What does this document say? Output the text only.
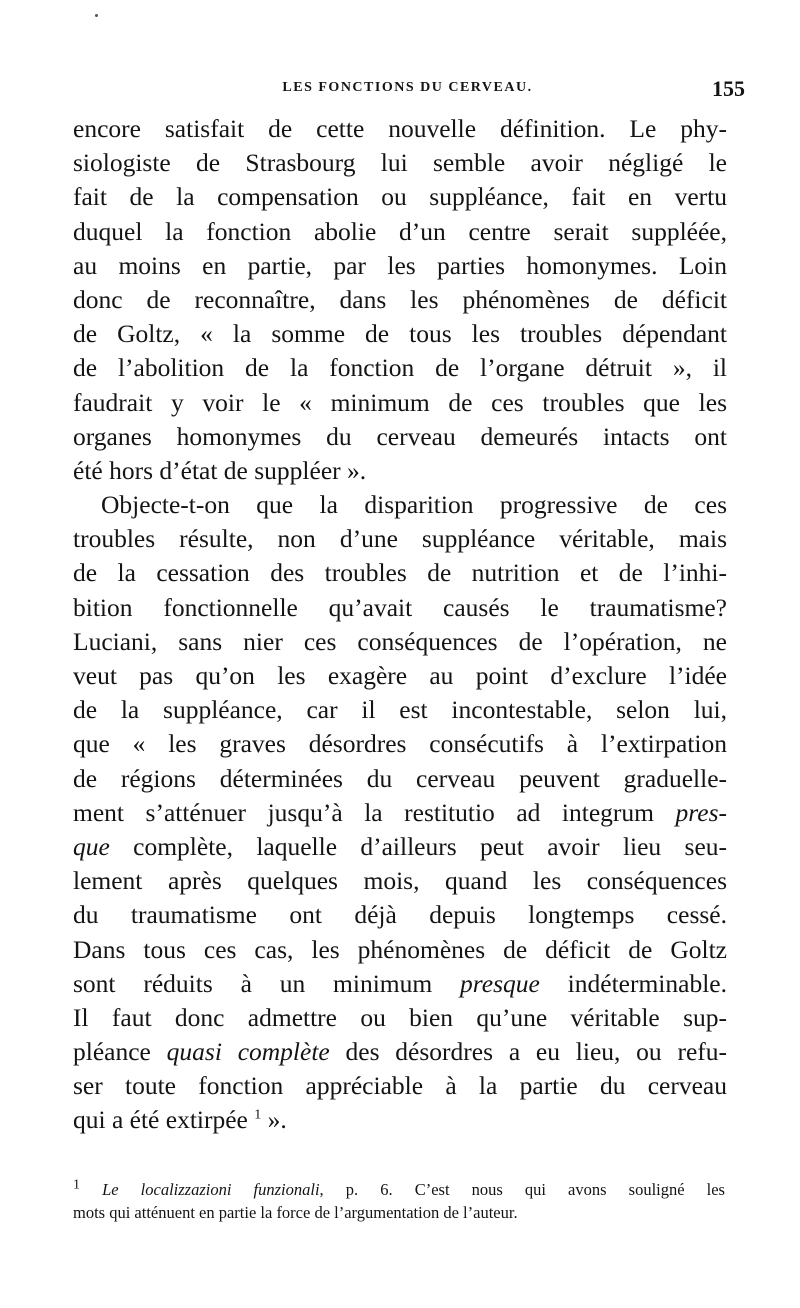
LES FONCTIONS DU CERVEAU.	155
encore satisfait de cette nouvelle définition. Le phy-
siologiste de Strasbourg lui semble avoir négligé le
fait de la compensation ou suppléance, fait en vertu
duquel la fonction abolie d’un centre serait suppléée,
au moins en partie, par les parties homonymes. Loin
donc de reconnaître, dans les phénomènes de déficit
de Goltz, « la somme de tous les troubles dépendant
de l’abolition de la fonction de l’organe détruit », il
faudrait y voir le « minimum de ces troubles que les
organes homonymes du cerveau demeurés intacts ont
été hors d’état de suppléer ».
Objecte-t-on que la disparition progressive de ces
troubles résulte, non d’une suppléance véritable, mais
de la cessation des troubles de nutrition et de l’inhi-
bition fonctionnelle qu’avait causés le traumatisme?
Luciani, sans nier ces conséquences de l’opération, ne
veut pas qu’on les exagère au point d’exclure l’idée
de la suppléance, car il est incontestable, selon lui,
que « les graves désordres consécutifs à l’extirpation
de régions déterminées du cerveau peuvent graduelle-
ment s’atténuer jusqu’à la restitutio ad integrum pres-
que complète, laquelle d’ailleurs peut avoir lieu seu-
lement après quelques mois, quand les conséquences
du traumatisme ont déjà depuis longtemps cessé.
Dans tous ces cas, les phénomènes de déficit de Goltz
sont réduits à un minimum presque indéterminable.
Il faut donc admettre ou bien qu’une véritable sup-
pléance quasi complète des désordres a eu lieu, ou refu-
ser toute fonction appréciable à la partie du cerveau
qui a été extirpée $^1$ ».
$^1$ Le localizzazioni funzionali, p. 6. C’est nous qui avons souligné les
mots qui atténuent en partie la force de l’argumentation de l’auteur.
